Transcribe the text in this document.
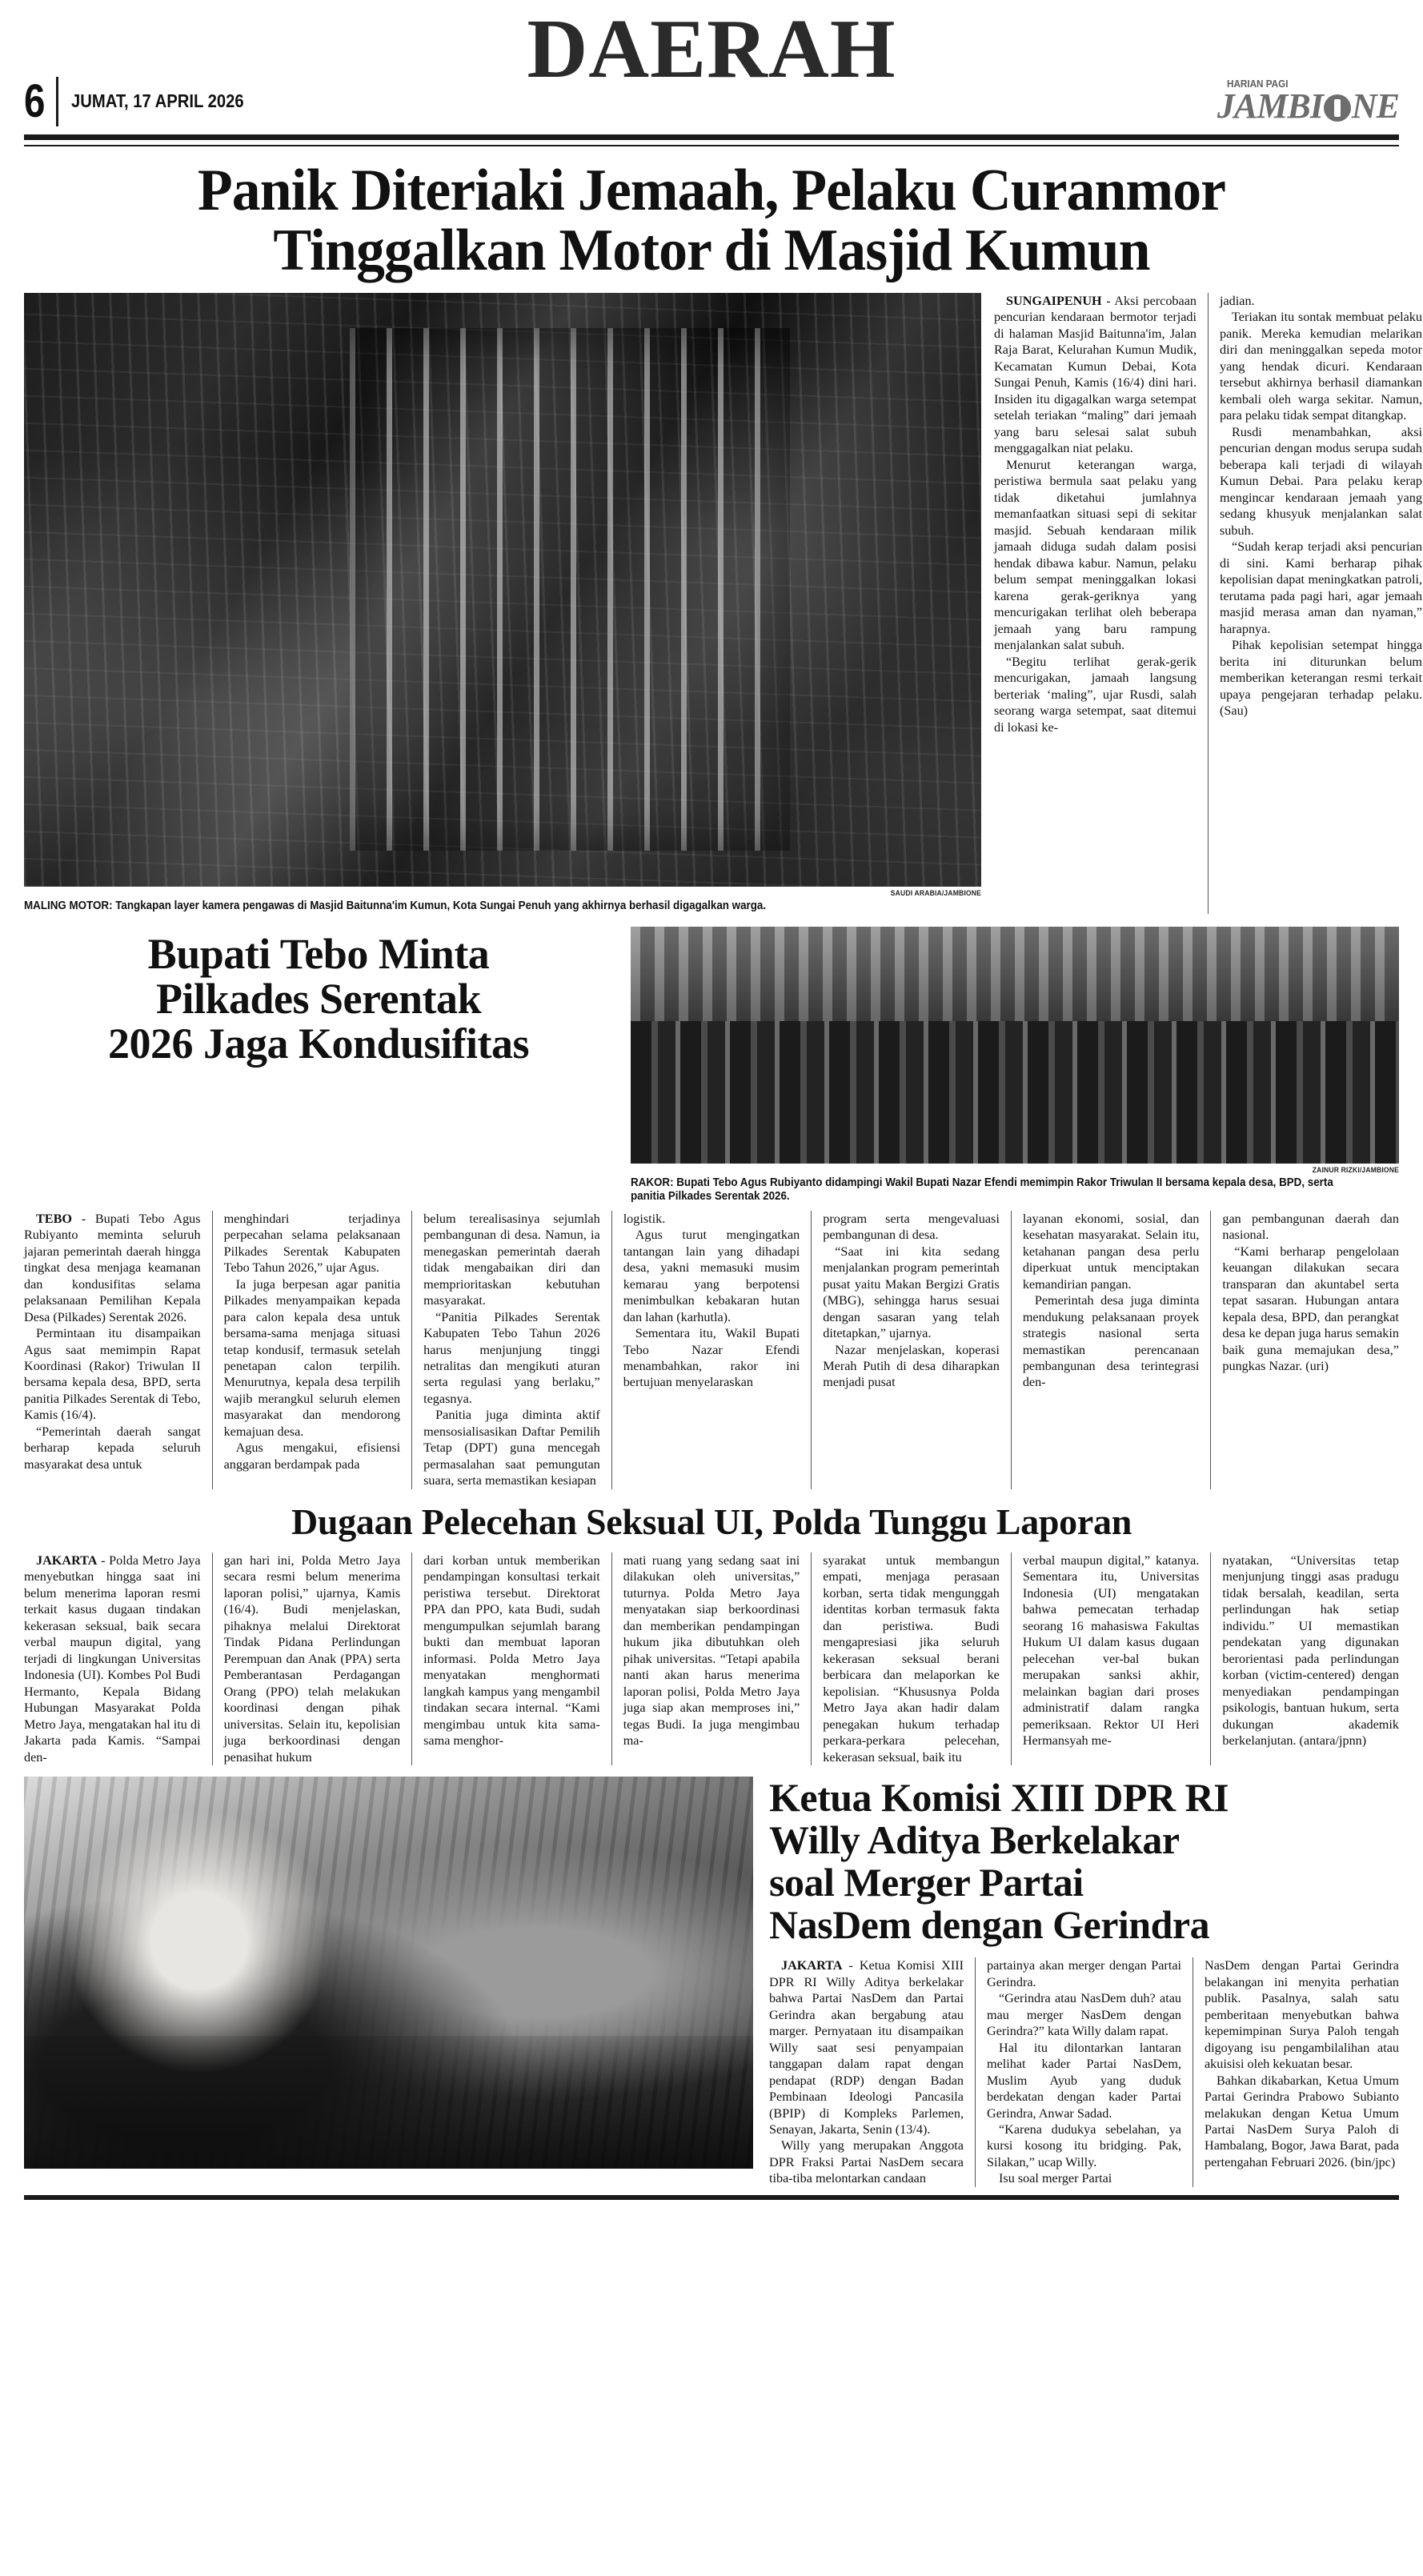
6 JUMAT, 17 APRIL 2026
DAERAH	HARIAN PAGI
JAMBI NE
Panik Diteriaki Jemaah, Pelaku Curanmor
Tinggalkan Motor di Masjid Kumun
SAUDI ARABIA/JAMBIONE
MALING MOTOR: Tangkapan layer kamera pengawas di Masjid Baitunna'im Kumun, Kota Sungai Penuh yang akhirnya berhasil digagalkan warga.

SUNGAIPENUH - Aksi percobaan pencurian kendaraan bermotor terjadi di halaman Masjid Baitunna'im, Jalan Raja Barat, Kelurahan Kumun Mudik, Kecamatan Kumun Debai, Kota Sungai Penuh, Kamis (16/4) dini hari. Insiden itu digagalkan warga setempat setelah teriakan “maling” dari jemaah yang baru selesai salat subuh menggagalkan niat pelaku.

Menurut keterangan warga, peristiwa bermula saat pelaku yang tidak diketahui jumlahnya memanfaatkan situasi sepi di sekitar masjid. Sebuah kendaraan milik jamaah diduga sudah dalam posisi hendak dibawa kabur. Namun, pelaku belum sempat meninggalkan lokasi karena gerak-geriknya yang mencurigakan terlihat oleh beberapa jemaah yang baru rampung menjalankan salat subuh.

“Begitu terlihat gerak-gerik mencurigakan, jamaah langsung berteriak ‘maling”, ujar Rusdi, salah seorang warga setempat, saat ditemui di lokasi ke-

jadian.

Teriakan itu sontak membuat pelaku panik. Mereka kemudian melarikan diri dan meninggalkan sepeda motor yang hendak dicuri. Kendaraan tersebut akhirnya berhasil diamankan kembali oleh warga sekitar. Namun, para pelaku tidak sempat ditangkap.

Rusdi menambahkan, aksi pencurian dengan modus serupa sudah beberapa kali terjadi di wilayah Kumun Debai. Para pelaku kerap mengincar kendaraan jemaah yang sedang khusyuk menjalankan salat subuh.

“Sudah kerap terjadi aksi pencurian di sini. Kami berharap pihak kepolisian dapat meningkatkan patroli, terutama pada pagi hari, agar jemaah masjid merasa aman dan nyaman,” harapnya.

Pihak kepolisian setempat hingga berita ini diturunkan belum memberikan keterangan resmi terkait upaya pengejaran terhadap pelaku. (Sau)

Bupati Tebo Minta
Pilkades Serentak
2026 Jaga Kondusifitas
ZAINUR RIZKI/JAMBIONE
RAKOR: Bupati Tebo Agus Rubiyanto didampingi Wakil Bupati Nazar Efendi memimpin Rakor Triwulan II bersama kepala desa, BPD, serta panitia Pilkades Serentak 2026.

TEBO - Bupati Tebo Agus Rubiyanto meminta seluruh jajaran pemerintah daerah hingga tingkat desa menjaga keamanan dan kondusifitas selama pelaksanaan Pemilihan Kepala Desa (Pilkades) Serentak 2026.

Permintaan itu disampaikan Agus saat memimpin Rapat Koordinasi (Rakor) Triwulan II bersama kepala desa, BPD, serta panitia Pilkades Serentak di Tebo, Kamis (16/4).

“Pemerintah daerah sangat berharap kepada seluruh masyarakat desa untuk

menghindari terjadinya perpecahan selama pelaksanaan Pilkades Serentak Kabupaten Tebo Tahun 2026,” ujar Agus.

Ia juga berpesan agar panitia Pilkades menyampaikan kepada para calon kepala desa untuk bersama-sama menjaga situasi tetap kondusif, termasuk setelah penetapan calon terpilih. Menurutnya, kepala desa terpilih wajib merangkul seluruh elemen masyarakat dan mendorong kemajuan desa.

Agus mengakui, efisiensi anggaran berdampak pada

belum terealisasinya sejumlah pembangunan di desa. Namun, ia menegaskan pemerintah daerah tidak mengabaikan diri dan memprioritaskan kebutuhan masyarakat.

“Panitia Pilkades Serentak Kabupaten Tebo Tahun 2026 harus menjunjung tinggi netralitas dan mengikuti aturan serta regulasi yang berlaku,” tegasnya.

Panitia juga diminta aktif mensosialisasikan Daftar Pemilih Tetap (DPT) guna mencegah permasalahan saat pemungutan suara, serta memastikan kesiapan

logistik.

Agus turut mengingatkan tantangan lain yang dihadapi desa, yakni memasuki musim kemarau yang berpotensi menimbulkan kebakaran hutan dan lahan (karhutla).

Sementara itu, Wakil Bupati Tebo Nazar Efendi menambahkan, rakor ini bertujuan menyelaraskan

program serta mengevaluasi pembangunan di desa.

“Saat ini kita sedang menjalankan program pemerintah pusat yaitu Makan Bergizi Gratis (MBG), sehingga harus sesuai dengan sasaran yang telah ditetapkan,” ujarnya.

Nazar menjelaskan, koperasi Merah Putih di desa diharapkan menjadi pusat

layanan ekonomi, sosial, dan kesehatan masyarakat. Selain itu, ketahanan pangan desa perlu diperkuat untuk menciptakan kemandirian pangan.

Pemerintah desa juga diminta mendukung pelaksanaan proyek strategis nasional serta memastikan perencanaan pembangunan desa terintegrasi den-

gan pembangunan daerah dan nasional.

“Kami berharap pengelolaan keuangan dilakukan secara transparan dan akuntabel serta tepat sasaran. Hubungan antara kepala desa, BPD, dan perangkat desa ke depan juga harus semakin baik guna memajukan desa,” pungkas Nazar. (uri)

Dugaan Pelecehan Seksual UI, Polda Tunggu Laporan

JAKARTA - Polda Metro Jaya menyebutkan hingga saat ini belum menerima laporan resmi terkait kasus dugaan tindakan kekerasan seksual, baik secara verbal maupun digital, yang terjadi di lingkungan Universitas Indonesia (UI). Kombes Pol Budi Hermanto, Kepala Bidang Hubungan Masyarakat Polda Metro Jaya, mengatakan hal itu di Jakarta pada Kamis. “Sampai den-

gan hari ini, Polda Metro Jaya secara resmi belum menerima laporan polisi,” ujarnya, Kamis (16/4). Budi menjelaskan, pihaknya melalui Direktorat Tindak Pidana Perlindungan Perempuan dan Anak (PPA) serta Pemberantasan Perdagangan Orang (PPO) telah melakukan koordinasi dengan pihak universitas. Selain itu, kepolisian juga berkoordinasi dengan penasihat hukum

dari korban untuk memberikan pendampingan konsultasi terkait peristiwa tersebut. Direktorat PPA dan PPO, kata Budi, sudah mengumpulkan sejumlah barang bukti dan membuat laporan informasi. Polda Metro Jaya menyatakan menghormati langkah kampus yang mengambil tindakan secara internal. “Kami mengimbau untuk kita sama-sama menghor-

mati ruang yang sedang saat ini dilakukan oleh universitas,” tuturnya. Polda Metro Jaya menyatakan siap berkoordinasi dan memberikan pendampingan hukum jika dibutuhkan oleh pihak universitas. “Tetapi apabila nanti akan harus menerima laporan polisi, Polda Metro Jaya juga siap akan memproses ini,” tegas Budi. Ia juga mengimbau ma-

syarakat untuk membangun empati, menjaga perasaan korban, serta tidak mengunggah identitas korban termasuk fakta dan peristiwa. Budi mengapresiasi jika seluruh kekerasan seksual berani berbicara dan melaporkan ke kepolisian. “Khususnya Polda Metro Jaya akan hadir dalam penegakan hukum terhadap perkara-perkara pelecehan, kekerasan seksual, baik itu

verbal maupun digital,” katanya. Sementara itu, Universitas Indonesia (UI) mengatakan bahwa pemecatan terhadap seorang 16 mahasiswa Fakultas Hukum UI dalam kasus dugaan pelecehan ver-bal bukan merupakan sanksi akhir, melainkan bagian dari proses administratif dalam rangka pemeriksaan. Rektor UI Heri Hermansyah me-

nyatakan, “Universitas tetap menjunjung tinggi asas pradugu tidak bersalah, keadilan, serta perlindungan hak setiap individu.” UI memastikan pendekatan yang digunakan berorientasi pada perlindungan korban (victim-centered) dengan menyediakan pendampingan psikologis, bantuan hukum, serta dukungan akademik berkelanjutan. (antara/jpnn)

Ketua Komisi XIII DPR RI
Willy Aditya Berkelakar
soal Merger Partai
NasDem dengan Gerindra

JAKARTA - Ketua Komisi XIII DPR RI Willy Aditya berkelakar bahwa Partai NasDem dan Partai Gerindra akan bergabung atau marger. Pernyataan itu disampaikan Willy saat sesi penyampaian tanggapan dalam rapat dengan pendapat (RDP) dengan Badan Pembinaan Ideologi Pancasila (BPIP) di Kompleks Parlemen, Senayan, Jakarta, Senin (13/4).

Willy yang merupakan Anggota DPR Fraksi Partai NasDem secara tiba-tiba melontarkan candaan

partainya akan merger dengan Partai Gerindra.

“Gerindra atau NasDem duh? atau mau merger NasDem dengan Gerindra?” kata Willy dalam rapat.

Hal itu dilontarkan lantaran melihat kader Partai NasDem, Muslim Ayub yang duduk berdekatan dengan kader Partai Gerindra, Anwar Sadad.

“Karena dudukya sebelahan, ya kursi kosong itu bridging. Pak, Silakan,” ucap Willy.

Isu soal merger Partai

NasDem dengan Partai Gerindra belakangan ini menyita perhatian publik. Pasalnya, salah satu pemberitaan menyebutkan bahwa kepemimpinan Surya Paloh tengah digoyang isu pengambilalihan atau akuisisi oleh kekuatan besar.

Bahkan dikabarkan, Ketua Umum Partai Gerindra Prabowo Subianto melakukan dengan Ketua Umum Partai NasDem Surya Paloh di Hambalang, Bogor, Jawa Barat, pada pertengahan Februari 2026. (bin/jpc)
